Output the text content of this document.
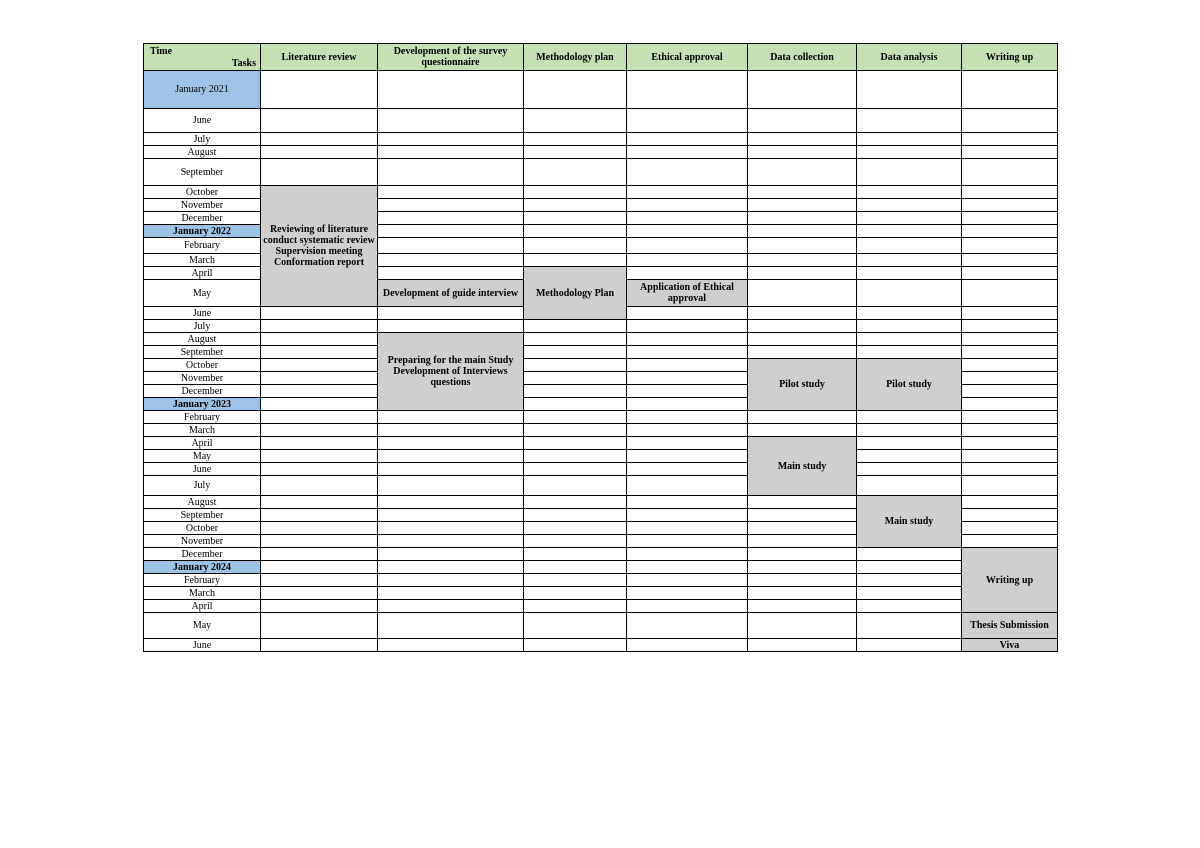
Time
Tasks	Literature review	Development of the survey questionnaire	Methodology plan	Ethical approval	Data collection	Data analysis	Writing up
January 2021							
June							
July							
August							
September							
October	Reviewing of literature conduct systematic review Supervision meeting Conformation report						
November							
December							
January 2022							
February							
March							
April			Methodology Plan				
May		Development of guide interview		Application of Ethical approval			
June							
July							
August		Preparing for the main Study Development of Interviews questions					
September							
October					Pilot study	Pilot study	
November							
December							
January 2023							
February							
March							
April					Main study		
May							
June							
July							
August						Main study	
September							
October							
November							
December							Writing up
January 2024							
February							
March							
April							
May							Thesis Submission
June							Viva
